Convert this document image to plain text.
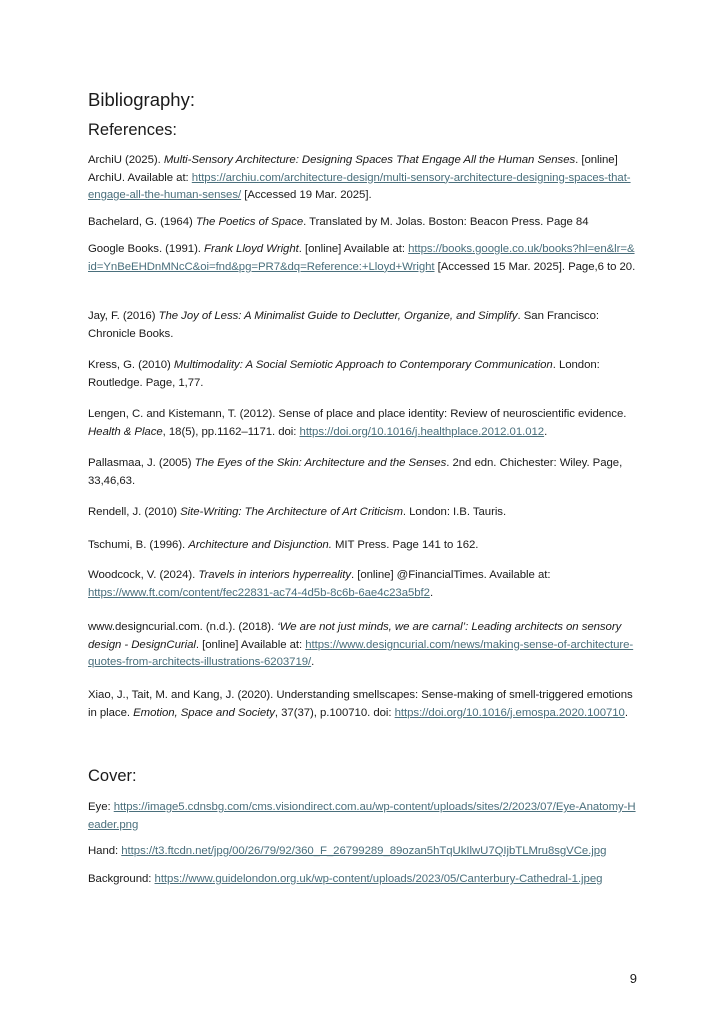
Bibliography:
References:

ArchiU (2025). Multi-Sensory Architecture: Designing Spaces That Engage All the Human Senses. [online] ArchiU. Available at: https://archiu.com/architecture-design/multi-sensory-architecture-designing-spaces-that-engage-all-the-human-senses/ [Accessed 19 Mar. 2025].

Bachelard, G. (1964) The Poetics of Space. Translated by M. Jolas. Boston: Beacon Press. Page 84

Google Books. (1991). Frank Lloyd Wright. [online] Available at: https://books.google.co.uk/books?hl=en&lr=&id=YnBeEHDnMNcC&oi=fnd&pg=PR7&dq=Reference:+Lloyd+Wright [Accessed 15 Mar. 2025]. Page,6 to 20.

Jay, F. (2016) The Joy of Less: A Minimalist Guide to Declutter, Organize, and Simplify. San Francisco: Chronicle Books.

Kress, G. (2010) Multimodality: A Social Semiotic Approach to Contemporary Communication. London: Routledge. Page, 1,77.

Lengen, C. and Kistemann, T. (2012). Sense of place and place identity: Review of neuroscientific evidence. Health & Place, 18(5), pp.1162–1171. doi: https://doi.org/10.1016/j.healthplace.2012.01.012.

Pallasmaa, J. (2005) The Eyes of the Skin: Architecture and the Senses. 2nd edn. Chichester: Wiley. Page, 33,46,63.

Rendell, J. (2010) Site-Writing: The Architecture of Art Criticism. London: I.B. Tauris.

Tschumi, B. (1996). Architecture and Disjunction. MIT Press. Page 141 to 162.

Woodcock, V. (2024). Travels in interiors hyperreality. [online] @FinancialTimes. Available at: https://www.ft.com/content/fec22831-ac74-4d5b-8c6b-6ae4c23a5bf2.

www.designcurial.com. (n.d.). (2018). ‘We are not just minds, we are carnal’: Leading architects on sensory design - DesignCurial. [online] Available at: https://www.designcurial.com/news/making-sense-of-architecture-quotes-from-architects-illustrations-6203719/.

Xiao, J., Tait, M. and Kang, J. (2020). Understanding smellscapes: Sense-making of smell-triggered emotions in place. Emotion, Space and Society, 37(37), p.100710. doi: https://doi.org/10.1016/j.emospa.2020.100710.

Cover:

Eye: https://image5.cdnsbg.com/cms.visiondirect.com.au/wp-content/uploads/sites/2/2023/07/Eye-Anatomy-Header.png

Hand: https://t3.ftcdn.net/jpg/00/26/79/92/360_F_26799289_89ozan5hTqUkIlwU7QIjbTLMru8sgVCe.jpg

Background: https://www.guidelondon.org.uk/wp-content/uploads/2023/05/Canterbury-Cathedral-1.jpeg

9
